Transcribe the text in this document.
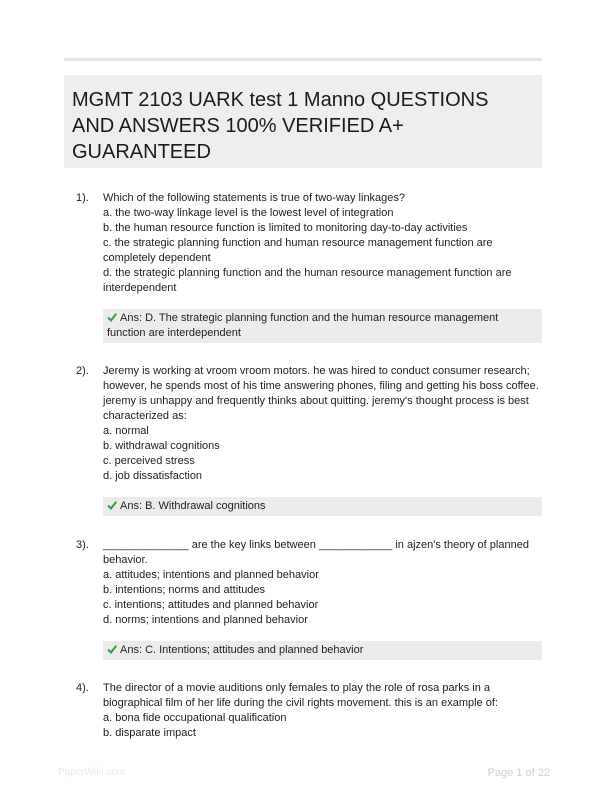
MGMT 2103 UARK test 1 Manno QUESTIONS AND ANSWERS 100% VERIFIED A+ GUARANTEED
1). Which of the following statements is true of two-way linkages?
a. the two-way linkage level is the lowest level of integration
b. the human resource function is limited to monitoring day-to-day activities
c. the strategic planning function and human resource management function are completely dependent
d. the strategic planning function and the human resource management function are interdependent
Ans: D. The strategic planning function and the human resource management function are interdependent
2). Jeremy is working at vroom vroom motors. he was hired to conduct consumer research; however, he spends most of his time answering phones, filing and getting his boss coffee. jeremy is unhappy and frequently thinks about quitting. jeremy's thought process is best characterized as:
a. normal
b. withdrawal cognitions
c. perceived stress
d. job dissatisfaction
Ans: B. Withdrawal cognitions
3). ______________ are the key links between ____________ in ajzen's theory of planned behavior.
a. attitudes; intentions and planned behavior
b. intentions; norms and attitudes
c. intentions; attitudes and planned behavior
d. norms; intentions and planned behavior
Ans: C. Intentions; attitudes and planned behavior
4). The director of a movie auditions only females to play the role of rosa parks in a biographical film of her life during the civil rights movement. this is an example of:
a. bona fide occupational qualification
b. disparate impact
PaperWiki.com	Page 1 of 22
